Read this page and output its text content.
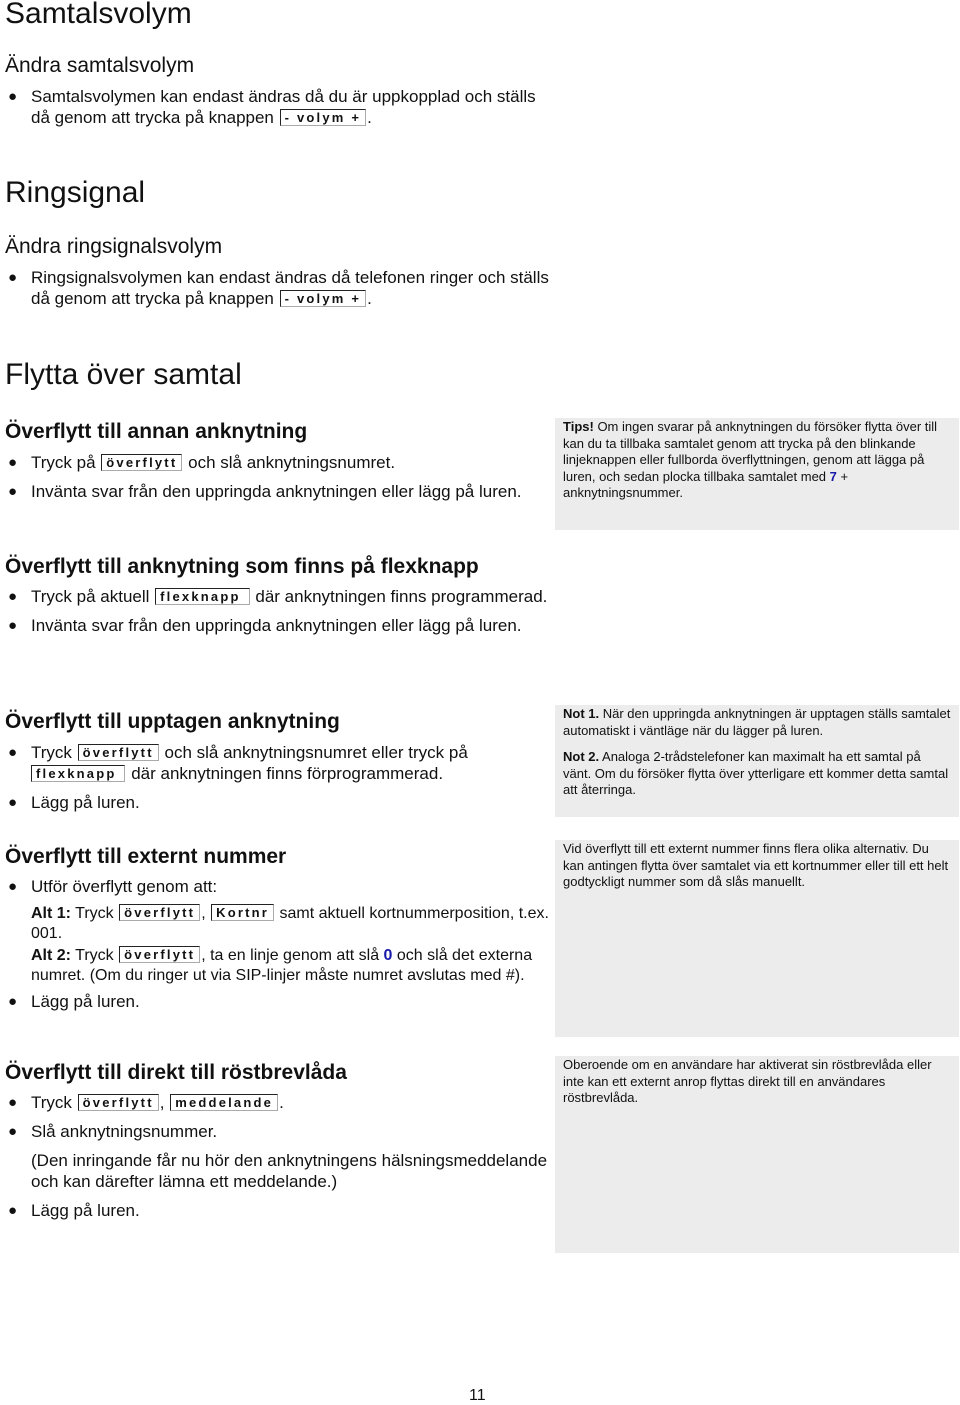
Samtalsvolym
Ändra samtalsvolym
● Samtalsvolymen kan endast ändras då du är uppkopplad och ställs då genom att trycka på knappen - volym + .
Ringsignal
Ändra ringsignalsvolym
● Ringsignalsvolymen kan endast ändras då telefonen ringer och ställs då genom att trycka på knappen - volym + .
Flytta över samtal
Överflytt till annan anknytning
● Tryck på överflytt och slå anknytningsnumret.
● Invänta svar från den uppringda anknytningen eller lägg på luren.

Tips! Om ingen svarar på anknytningen du försöker flytta över till kan du ta tillbaka samtalet genom att trycka på den blinkande linjeknappen eller fullborda överflyttningen, genom att lägga på luren, och sedan plocka tillbaka samtalet med 7 + anknytningsnummer.

Överflytt till anknytning som finns på flexknapp
● Tryck på aktuell flexknapp där anknytningen finns programmerad.
● Invänta svar från den uppringda anknytningen eller lägg på luren.
Överflytt till upptagen anknytning
● Tryck överflytt och slå anknytningsnumret eller tryck på
flexknapp där anknytningen finns förprogrammerad.
● Lägg på luren.

Not 1. När den uppringda anknytningen är upptagen ställs samtalet automatiskt i väntläge när du lägger på luren.

Not 2. Analoga 2-trådstelefoner kan maximalt ha ett samtal på vänt. Om du försöker flytta över ytterligare ett kommer detta samtal att återringa.

Överflytt till externt nummer
● Utför överflytt genom att:
Alt 1: Tryck överflytt , Kortnr samt aktuell kortnummerposition, t.ex. 001.
Alt 2: Tryck överflytt , ta en linje genom att slå 0 och slå det externa numret. (Om du ringer ut via SIP-linjer måste numret avslutas med #).
● Lägg på luren.

Vid överflytt till ett externt nummer finns flera olika alternativ. Du kan antingen flytta över samtalet via ett kortnummer eller till ett helt godtyckligt nummer som då slås manuellt.

Överflytt till direkt till röstbrevlåda
● Tryck överflytt , meddelande .
● Slå anknytningsnummer.
(Den inringande får nu hör den anknytningens hälsningsmeddelande och kan därefter lämna ett meddelande.)
● Lägg på luren.

Oberoende om en användare har aktiverat sin röstbrevlåda eller inte kan ett externt anrop flyttas direkt till en användares röstbrevlåda.

11
